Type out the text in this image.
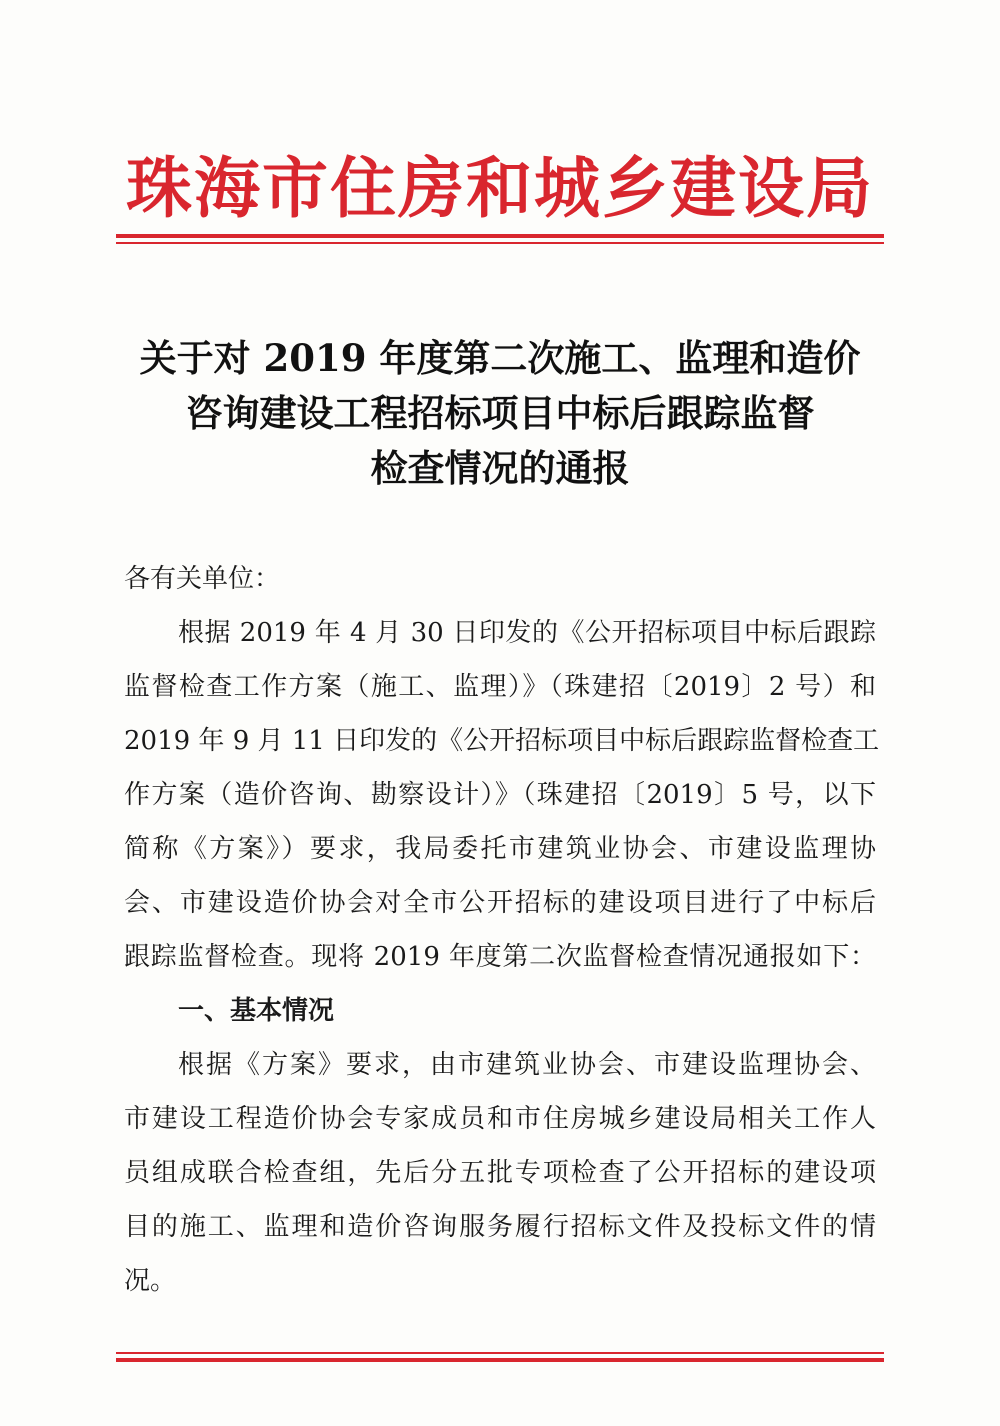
珠海市住房和城乡建设局
关于对 2019 年度第二次施工、监理和造价
咨询建设工程招标项目中标后跟踪监督
检查情况的通报
各有关单位：
根据 2019 年 4 月 30 日印发的《公开招标项目中标后跟踪
监督检查工作方案（施工、监理）》（珠建招〔2019〕2 号）和
2019 年 9 月 11 日印发的《公开招标项目中标后跟踪监督检查工
作方案（造价咨询、勘察设计）》（珠建招〔2019〕5 号，以下
简称《方案》）要求，我局委托市建筑业协会、市建设监理协
会、市建设造价协会对全市公开招标的建设项目进行了中标后
跟踪监督检查。现将 2019 年度第二次监督检查情况通报如下：
一、基本情况
根据《方案》要求，由市建筑业协会、市建设监理协会、
市建设工程造价协会专家成员和市住房城乡建设局相关工作人
员组成联合检查组，先后分五批专项检查了公开招标的建设项
目的施工、监理和造价咨询服务履行招标文件及投标文件的情
况。
